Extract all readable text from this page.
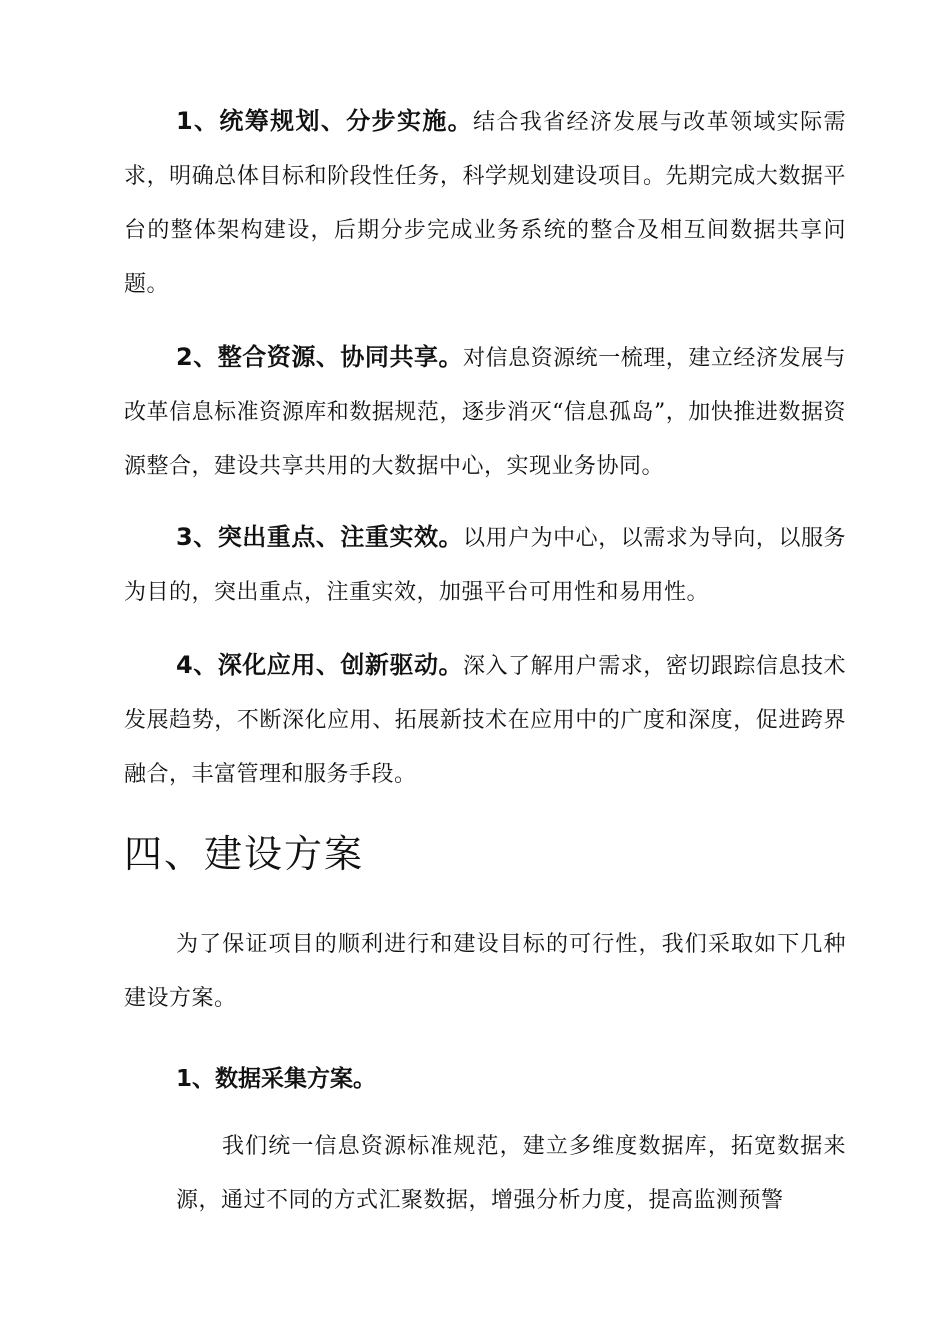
1、统筹规划、分步实施。结合我省经济发展与改革领域实际需求，明确总体目标和阶段性任务，科学规划建设项目。先期完成大数据平台的整体架构建设，后期分步完成业务系统的整合及相互间数据共享问题。

2、整合资源、协同共享。对信息资源统一梳理，建立经济发展与改革信息标准资源库和数据规范，逐步消灭“信息孤岛”，加快推进数据资源整合，建设共享共用的大数据中心，实现业务协同。

3、突出重点、注重实效。以用户为中心，以需求为导向，以服务为目的，突出重点，注重实效，加强平台可用性和易用性。

4、深化应用、创新驱动。深入了解用户需求，密切跟踪信息技术发展趋势，不断深化应用、拓展新技术在应用中的广度和深度，促进跨界融合，丰富管理和服务手段。

四、建设方案

为了保证项目的顺利进行和建设目标的可行性，我们采取如下几种建设方案。

1、数据采集方案。

我们统一信息资源标准规范，建立多维度数据库，拓宽数据来源，通过不同的方式汇聚数据，增强分析力度，提高监测预警
